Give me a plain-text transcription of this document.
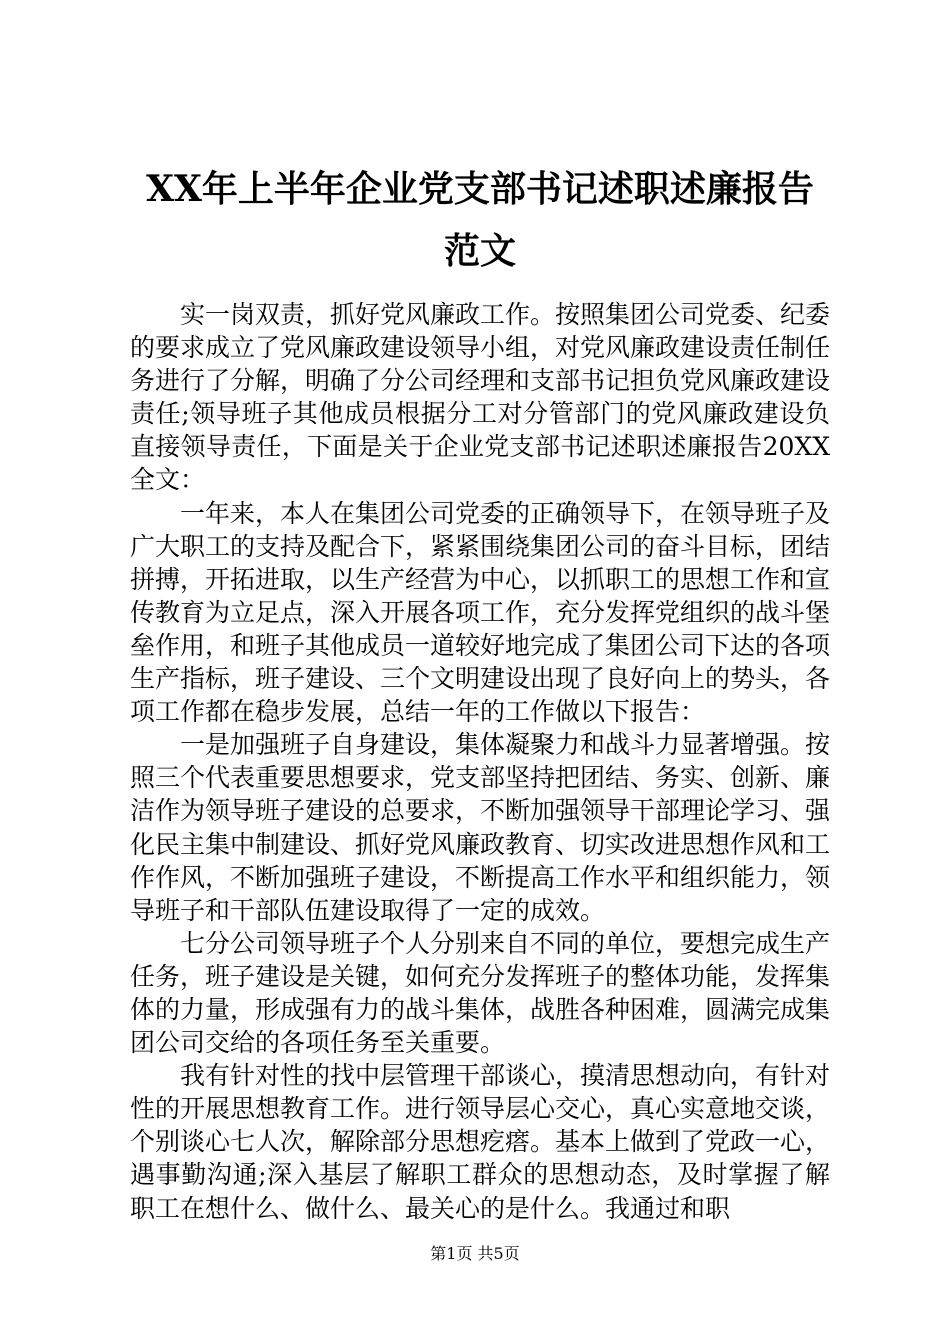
XX年上半年企业党支部书记述职述廉报告范文

实一岗双责，抓好党风廉政工作。按照集团公司党委、纪委的要求成立了党风廉政建设领导小组，对党风廉政建设责任制任务进行了分解，明确了分公司经理和支部书记担负党风廉政建设责任;领导班子其他成员根据分工对分管部门的党风廉政建设负直接领导责任，下面是关于企业党支部书记述职述廉报告20XX全文：

一年来，本人在集团公司党委的正确领导下，在领导班子及广大职工的支持及配合下，紧紧围绕集团公司的奋斗目标，团结拼搏，开拓进取，以生产经营为中心，以抓职工的思想工作和宣传教育为立足点，深入开展各项工作，充分发挥党组织的战斗堡垒作用，和班子其他成员一道较好地完成了集团公司下达的各项生产指标，班子建设、三个文明建设出现了良好向上的势头，各项工作都在稳步发展，总结一年的工作做以下报告：

一是加强班子自身建设，集体凝聚力和战斗力显著增强。按照三个代表重要思想要求，党支部坚持把团结、务实、创新、廉洁作为领导班子建设的总要求，不断加强领导干部理论学习、强化民主集中制建设、抓好党风廉政教育、切实改进思想作风和工作作风，不断加强班子建设，不断提高工作水平和组织能力，领导班子和干部队伍建设取得了一定的成效。

七分公司领导班子个人分别来自不同的单位，要想完成生产任务，班子建设是关键，如何充分发挥班子的整体功能，发挥集体的力量，形成强有力的战斗集体，战胜各种困难，圆满完成集团公司交给的各项任务至关重要。

我有针对性的找中层管理干部谈心，摸清思想动向，有针对性的开展思想教育工作。进行领导层心交心，真心实意地交谈，个别谈心七人次，解除部分思想疙瘩。基本上做到了党政一心，遇事勤沟通;深入基层了解职工群众的思想动态，及时掌握了解职工在想什么、做什么、最关心的是什么。我通过和职

第1页 共5页
